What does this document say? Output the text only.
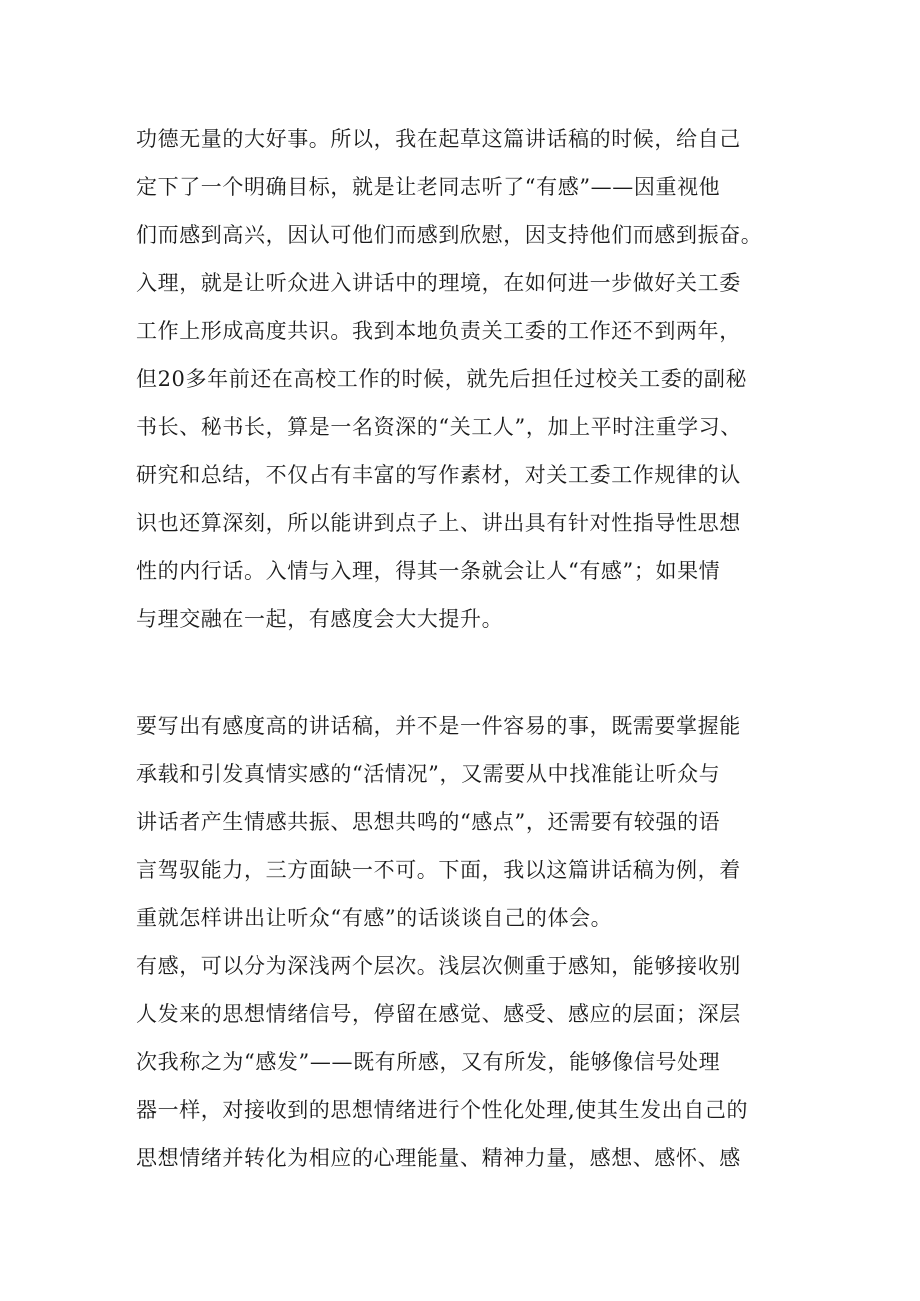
功德无量的大好事。所以，我在起草这篇讲话稿的时候，给自己
定下了一个明确目标，就是让老同志听了“有感”——因重视他
们而感到高兴，因认可他们而感到欣慰，因支持他们而感到振奋。
入理，就是让听众进入讲话中的理境，在如何进一步做好关工委
工作上形成高度共识。我到本地负责关工委的工作还不到两年，
但20多年前还在高校工作的时候，就先后担任过校关工委的副秘
书长、秘书长，算是一名资深的“关工人”，加上平时注重学习、
研究和总结，不仅占有丰富的写作素材，对关工委工作规律的认
识也还算深刻，所以能讲到点子上、讲出具有针对性指导性思想
性的内行话。入情与入理，得其一条就会让人“有感”；如果情
与理交融在一起，有感度会大大提升。
要写出有感度高的讲话稿，并不是一件容易的事，既需要掌握能
承载和引发真情实感的“活情况”，又需要从中找准能让听众与
讲话者产生情感共振、思想共鸣的“感点”，还需要有较强的语
言驾驭能力，三方面缺一不可。下面，我以这篇讲话稿为例，着
重就怎样讲出让听众“有感”的话谈谈自己的体会。
有感，可以分为深浅两个层次。浅层次侧重于感知，能够接收别
人发来的思想情绪信号，停留在感觉、感受、感应的层面；深层
次我称之为“感发”——既有所感，又有所发，能够像信号处理
器一样，对接收到的思想情绪进行个性化处理,使其生发出自己的
思想情绪并转化为相应的心理能量、精神力量，感想、感怀、感
